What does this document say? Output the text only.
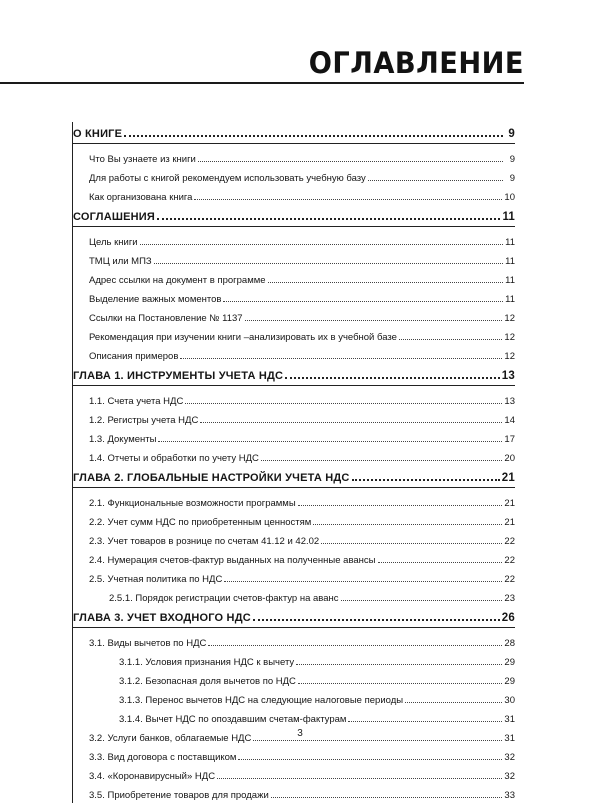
ОГЛАВЛЕНИЕ
О КНИГЕ	9
Что Вы узнаете из книги	9
Для работы с книгой рекомендуем использовать учебную базу	9
Как организована книга	10
СОГЛАШЕНИЯ	11
Цель книги	11
ТМЦ или МПЗ	11
Адрес ссылки на документ в программе	11
Выделение важных моментов	11
Ссылки на Постановление № 1137	12
Рекомендация при изучении книги –анализировать их в учебной базе	12
Описания примеров	12
ГЛАВА 1. ИНСТРУМЕНТЫ УЧЕТА НДС	13
1.1. Счета учета НДС	13
1.2. Регистры учета НДС	14
1.3. Документы	17
1.4. Отчеты и обработки по учету НДС	20
ГЛАВА 2. ГЛОБАЛЬНЫЕ НАСТРОЙКИ УЧЕТА НДС	21
2.1. Функциональные возможности программы	21
2.2. Учет сумм НДС по приобретенным ценностям	21
2.3. Учет товаров в рознице по счетам 41.12 и 42.02	22
2.4. Нумерация счетов-фактур выданных на полученные авансы	22
2.5. Учетная политика по НДС	22
2.5.1. Порядок регистрации счетов-фактур на аванс	23
ГЛАВА 3. УЧЕТ ВХОДНОГО НДС	26
3.1. Виды вычетов по НДС	28
3.1.1. Условия признания НДС к вычету	29
3.1.2. Безопасная доля вычетов по НДС	29
3.1.3. Перенос вычетов НДС на следующие налоговые периоды	30
3.1.4. Вычет НДС по опоздавшим счетам-фактурам	31
3.2. Услуги банков, облагаемые НДС	31
3.3. Вид договора с поставщиком	32
3.4. «Коронавирусный» НДС	32
3.5. Приобретение товаров для продажи	33
3
